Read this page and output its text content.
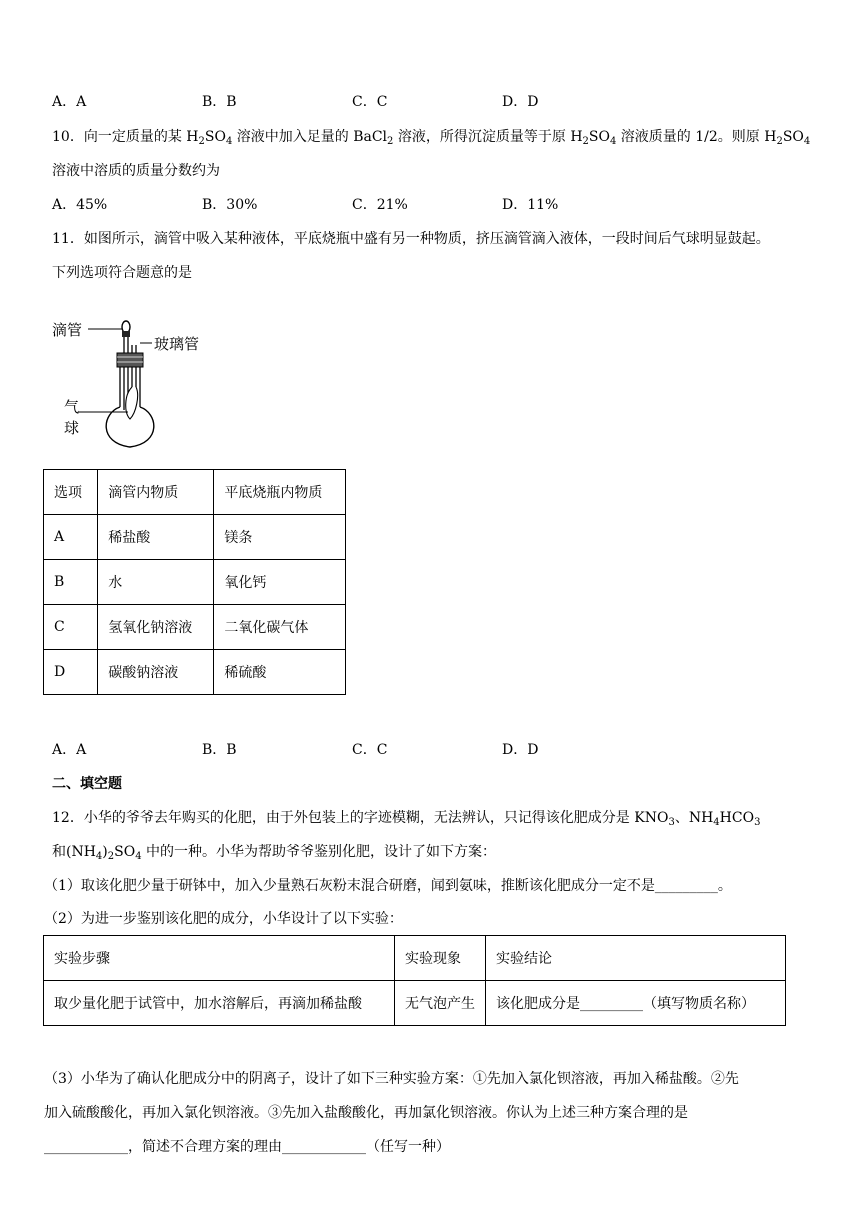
A．A	B．B	C．C	D．D
10．向一定质量的某 $H_2SO_4$ 溶液中加入足量的 BaCl$_2$ 溶液，所得沉淀质量等于原 $H_2SO_4$ 溶液质量的 1/2。则原 $H_2SO_4$
溶液中溶质的质量分数约为
A．45%	B．30%	C．21%	D．11%
11．如图所示，滴管中吸入某种液体，平底烧瓶中盛有另一种物质，挤压滴管滴入液体，一段时间后气球明显鼓起。
下列选项符合题意的是
滴管
玻璃管
气
球
选项	滴管内物质	平底烧瓶内物质
A	稀盐酸	镁条
B	水	氧化钙
C	氢氧化钠溶液	二氧化碳气体
D	碳酸钠溶液	稀硫酸
A．A	B．B	C．C	D．D
二、填空题
12．小华的爷爷去年购买的化肥，由于外包装上的字迹模糊，无法辨认，只记得该化肥成分是 $KNO_3$、$NH_4HCO_3$
和$(NH_4)_2SO_4$ 中的一种。小华为帮助爷爷鉴别化肥，设计了如下方案：
（1）取该化肥少量于研钵中，加入少量熟石灰粉末混合研磨，闻到氨味，推断该化肥成分一定不是_________。
（2）为进一步鉴别该化肥的成分，小华设计了以下实验：
实验步骤	实验现象	实验结论
取少量化肥于试管中，加水溶解后，再滴加稀盐酸	无气泡产生	该化肥成分是_________（填写物质名称）
（3）小华为了确认化肥成分中的阴离子，设计了如下三种实验方案：①先加入氯化钡溶液，再加入稀盐酸。②先
加入硫酸酸化，再加入氯化钡溶液。③先加入盐酸酸化，再加氯化钡溶液。你认为上述三种方案合理的是
____________，简述不合理方案的理由____________（任写一种）
